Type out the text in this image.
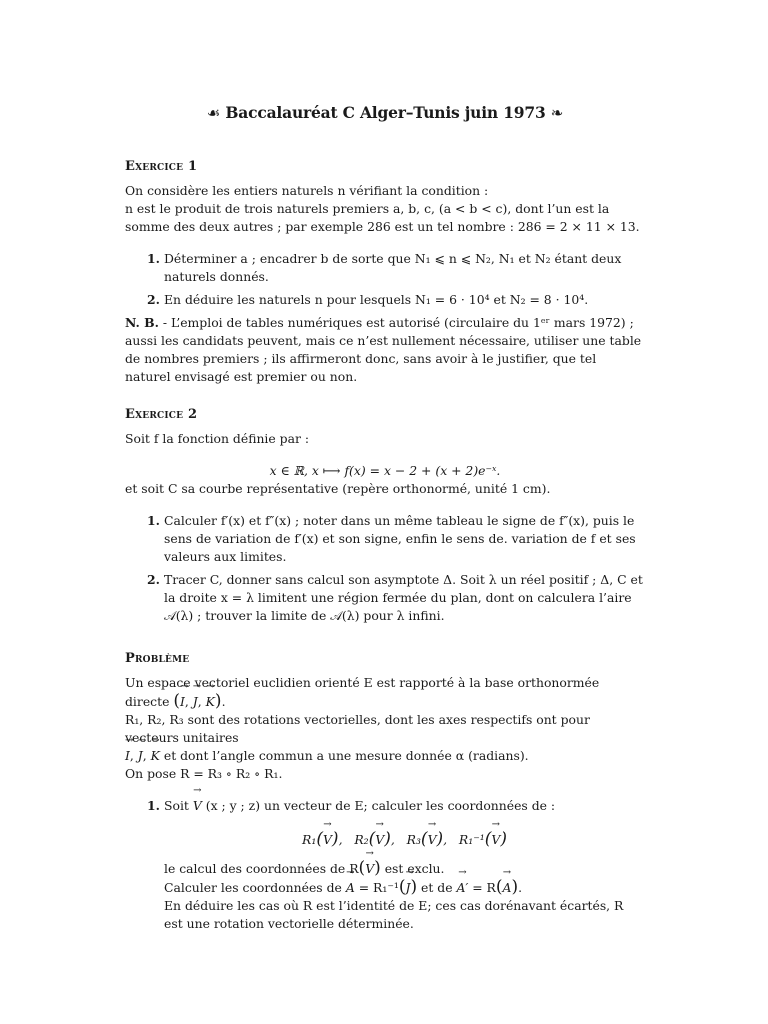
☙ Baccalauréat C Alger–Tunis juin 1973 ❧
Exercice 1

On considère les entiers naturels n vérifiant la condition :

n est le produit de trois naturels premiers a, b, c, (a < b < c), dont l’un est la somme des deux autres ; par exemple 286 est un tel nombre : 286 = 2 × 11 × 13.

1. Déterminer a ; encadrer b de sorte que N₁ ⩽ n ⩽ N₂, N₁ et N₂ étant deux naturels donnés.
2. En déduire les naturels n pour lesquels N₁ = 6 · 10⁴ et N₂ = 8 · 10⁴.

N. B. - L’emploi de tables numériques est autorisé (circulaire du 1ᵉʳ mars 1972) ; aussi les candidats peuvent, mais ce n’est nullement nécessaire, utiliser une table de nombres premiers ; ils affirmeront donc, sans avoir à le justifier, que tel naturel envisagé est premier ou non.

Exercice 2

Soit f la fonction définie par :

x ∈ ℝ, x ⟼ f(x) = x − 2 + (x + 2)e⁻ˣ.

et soit C sa courbe représentative (repère orthonormé, unité 1 cm).

1. Calculer f′(x) et f″(x) ; noter dans un même tableau le signe de f″(x), puis le sens de variation de f′(x) et son signe, enfin le sens de. variation de f et ses valeurs aux limites.
2. Tracer C, donner sans calcul son asymptote Δ. Soit λ un réel positif ; Δ, C et la droite x = λ limitent une région fermée du plan, dont on calculera l’aire 𝒜(λ) ; trouver la limite de 𝒜(λ) pour λ infini.
Problème

Un espace vectoriel euclidien orienté E est rapporté à la base orthonormée directe (→ I, → J, → K).

R₁, R₂, R₃ sont des rotations vectorielles, dont les axes respectifs ont pour vecteurs unitaires

→ I, → J, → K et dont l’angle commun a une mesure donnée α (radians).

On pose R = R₃ ∘ R₂ ∘ R₁.

1. Soit → V (x ; y ; z) un vecteur de E; calculer les coordonnées de :

R₁(→ V),   R₂(→ V),   R₃(→ V),   R₁⁻¹(→ V)

le calcul des coordonnées de R(→ V) est exclu.

Calculer les coordonnées de → A = R₁⁻¹(→ J) et de → A′ = R(→ A).

En déduire les cas où R est l’identité de E; ces cas dorénavant écartés, R est une rotation vectorielle déterminée.
